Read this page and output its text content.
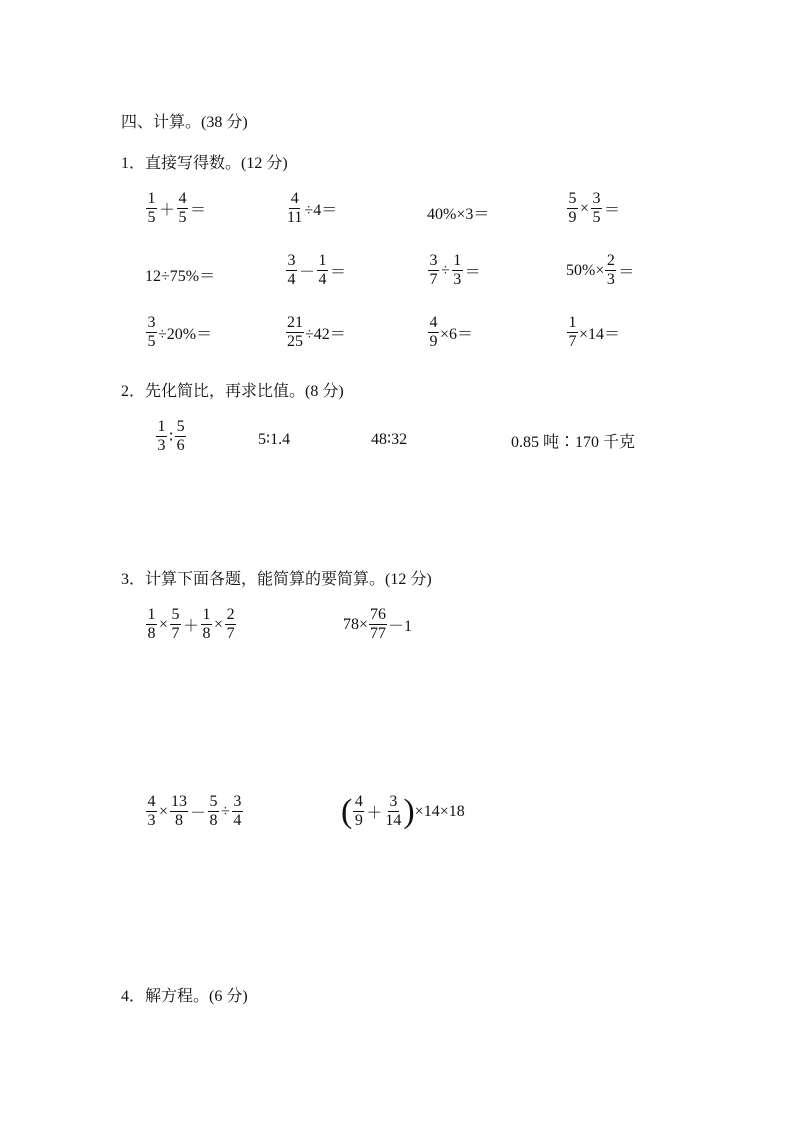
四、计算。(38 分)
1．直接写得数。(12 分)
$\frac{1}{5} + \frac{4}{5}$ ＝	$\frac{4}{11} \div 4=$	40%×3＝	$\frac{5}{9} \times \frac{3}{5}$ ＝
12÷75%＝	$\frac{3}{4} - \frac{1}{4}$ ＝	$\frac{3}{7} \div \frac{1}{3}$ ＝	$50\%\times \frac{2}{3}$ ＝
$\frac{3}{5} \div 20\%=$	$\frac{21}{25} \div 42=$	$\frac{4}{9} \times 6=$	$\frac{1}{7} \times 14=$
2．先化简比，再求比值。(8 分)
$\frac{1}{3}$ ∶ $\frac{5}{6}$	5∶1.4	48∶32	0.85 吨∶170 千克
3．计算下面各题，能简算的要简算。(12 分)
$\frac{1}{8} \times \frac{5}{7} + \frac{1}{8} \times \frac{2}{7}$	$78\times \frac{76}{77} -1$
$\frac{4}{3} \times \frac{13}{8} - \frac{5}{8} \div \frac{3}{4}$	( $\frac{4}{9} + \frac{3}{14}$ ) ×14×18
4．解方程。(6 分)
